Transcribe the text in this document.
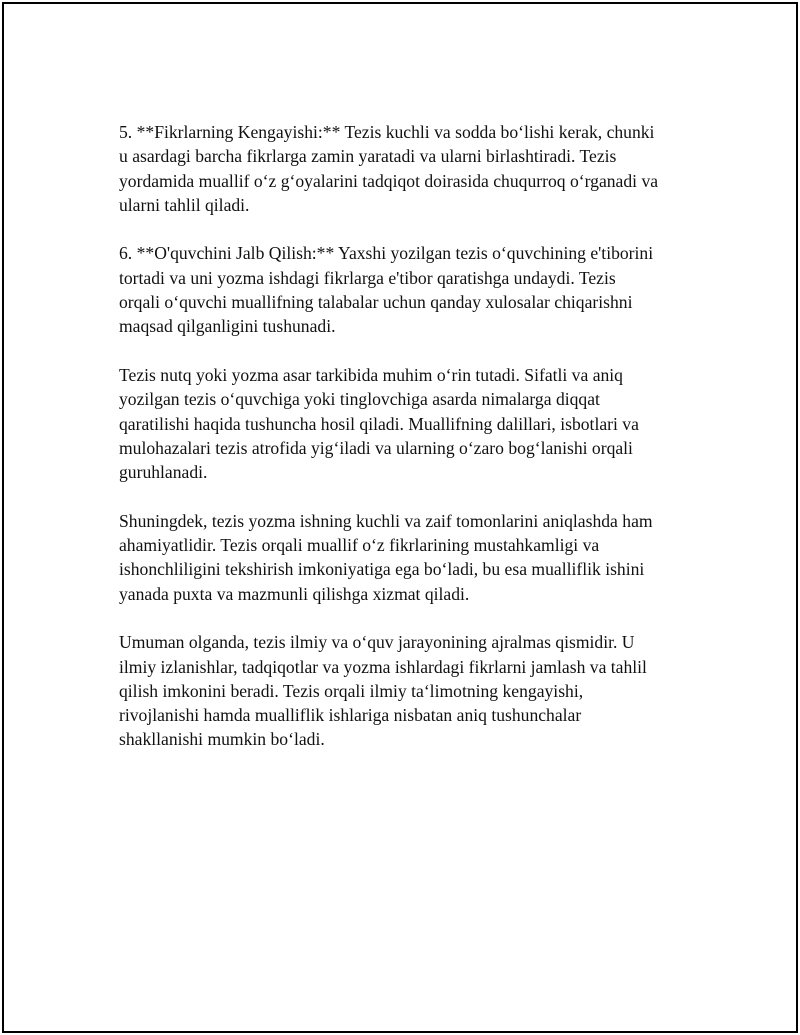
5. **Fikrlarning Kengayishi:** Tezis kuchli va sodda bo‘lishi kerak, chunki
u asardagi barcha fikrlarga zamin yaratadi va ularni birlashtiradi. Tezis
yordamida muallif o‘z g‘oyalarini tadqiqot doirasida chuqurroq o‘rganadi va
ularni tahlil qiladi.

6. **O'quvchini Jalb Qilish:** Yaxshi yozilgan tezis o‘quvchining e'tiborini
tortadi va uni yozma ishdagi fikrlarga e'tibor qaratishga undaydi. Tezis
orqali o‘quvchi muallifning talabalar uchun qanday xulosalar chiqarishni
maqsad qilganligini tushunadi.

Tezis nutq yoki yozma asar tarkibida muhim o‘rin tutadi. Sifatli va aniq
yozilgan tezis o‘quvchiga yoki tinglovchiga asarda nimalarga diqqat
qaratilishi haqida tushuncha hosil qiladi. Muallifning dalillari, isbotlari va
mulohazalari tezis atrofida yig‘iladi va ularning o‘zaro bog‘lanishi orqali
guruhlanadi.

Shuningdek, tezis yozma ishning kuchli va zaif tomonlarini aniqlashda ham
ahamiyatlidir. Tezis orqali muallif o‘z fikrlarining mustahkamligi va
ishonchliligini tekshirish imkoniyatiga ega bo‘ladi, bu esa mualliflik ishini
yanada puxta va mazmunli qilishga xizmat qiladi.

Umuman olganda, tezis ilmiy va o‘quv jarayonining ajralmas qismidir. U
ilmiy izlanishlar, tadqiqotlar va yozma ishlardagi fikrlarni jamlash va tahlil
qilish imkonini beradi. Tezis orqali ilmiy ta‘limotning kengayishi,
rivojlanishi hamda mualliflik ishlariga nisbatan aniq tushunchalar
shakllanishi mumkin bo‘ladi.
